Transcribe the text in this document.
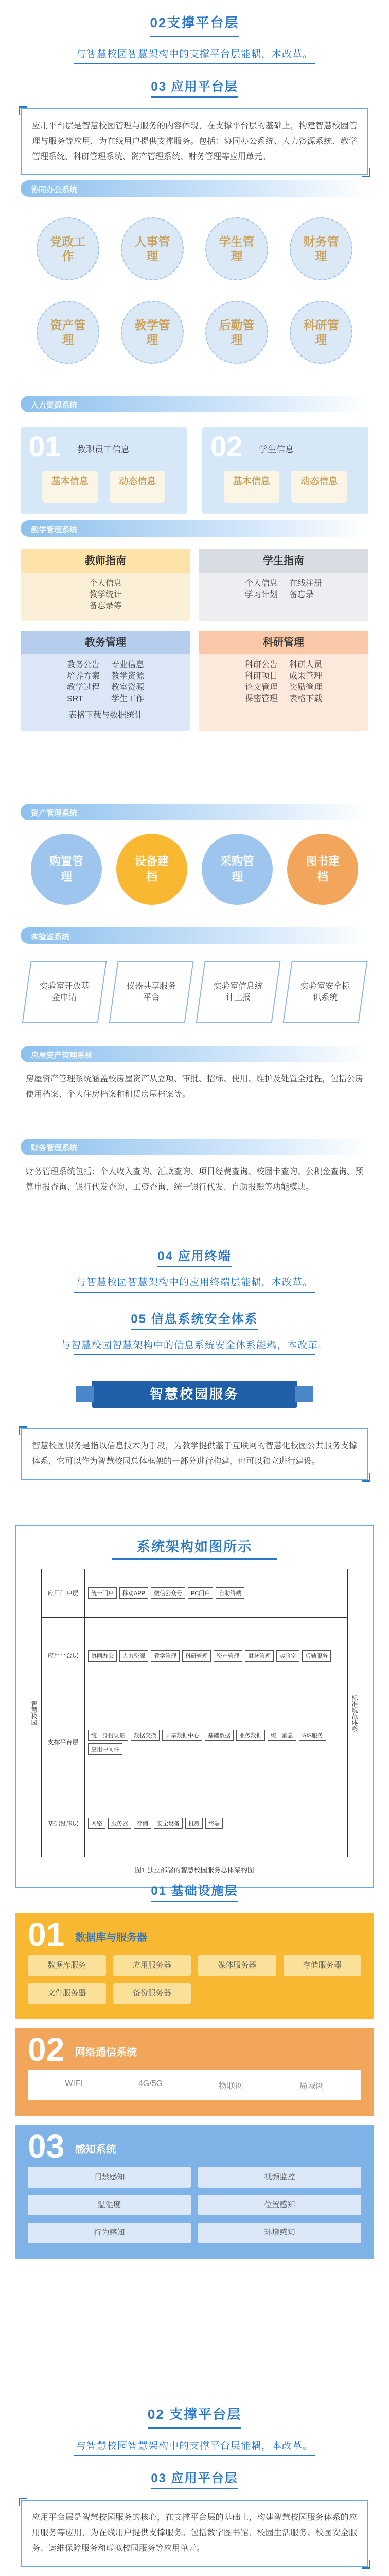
02支撑平台层
与智慧校园智慧架构中的支撑平台层能耦，本改革。
03 应用平台层
应用平台层是智慧校园管理与服务的内容体现，在支撑平台层的基础上，构建智慧校园管理与服务等应用，为在线用户提供支撑服务。包括：协同办公系统、人力资源系统、教学管理系统、科研管理系统、资产管理系统、财务管理等应用单元。
协同办公系统
党政工作
人事管理
学生管理
财务管理
资产管理
教学管理
后勤管理
科研管理
人力资源系统
01 教职员工信息
基本信息	动态信息
02 学生信息
基本信息	动态信息
教学管理系统
教师指南
个人信息
教学统计
备忘录等
学生指南
个人信息
学习计划
在线注册
备忘录
教务管理
教务公告
培养方案
教学过程
SRT
专业信息
教学资源
教室资源
学生工作
表格下载与数据统计
科研管理
科研公告
科研项目
论文管理
保密管理
科研人员
成果管理
奖励管理
表格下载
资产管理系统
购置管理
设备建档
采购管理
图书建档
实验室系统
实验室开放基金申请
仪器共享服务平台
实验室信息统计上报
实验室安全标识系统
房屋资产管理系统
房屋资产管理系统涵盖校房屋资产从立项、审批、招标、使用、维护及处置全过程，包括公房使用档案、个人住房档案和租赁房屋档案等。
财务管理系统
财务管理系统包括：个人收入查询、汇款查询、项目经费查询、校园卡查询、公积金查询、预算申报查询、银行代发查询、工资查询、统一银行代发、自助报账等功能模块。
04 应用终端
与智慧校园智慧架构中的应用终端层能耦，本改革。
05 信息系统安全体系
与智慧校园智慧架构中的信息系统安全体系能耦，本改革。
智慧校园服务
智慧校园服务是指以信息技术为手段，为教学提供基于互联网的智慧化校园公共服务支撑体系，它可以作为智慧校园总体框架的一部分进行构建，也可以独立进行建设。
系统架构如图所示
智慧校园
应用门户层	统一门户	移动APP	微信公众号	PC门户	自助终端
应用平台层	协同办公	人力资源	教学管理	科研管理	资产管理	财务管理	实验室	后勤服务
支撑平台层
统一身份认证	数据交换	共享数据中心	基础数据	业务数据	统一消息	GIS服务
应用中间件
基础设施层	网络	服务器	存储	安全设备	机房	终端
标准规范体系
图1 独立部署的智慧校园服务总体架构图
01 基础设施层
01 数据库与服务器
数据库服务	应用服务器	媒体服务器	存储服务器
文件服务器	备份服务器
02 网络通信系统
WIFI	4G/5G	物联网	局域网
03 感知系统
门禁感知	视频监控
温湿度	位置感知
行为感知	环境感知
02 支撑平台层
与智慧校园智慧架构中的支撑平台层能耦，本改革。
03 应用平台层
应用平台层是智慧校园服务的核心，在支撑平台层的基础上，构建智慧校园服务体系的应用服务等应用，为在线用户提供支撑服务。包括数字图书馆、校园生活服务、校园安全服务、运维保障服务和虚拟校园服务等应用单元。
